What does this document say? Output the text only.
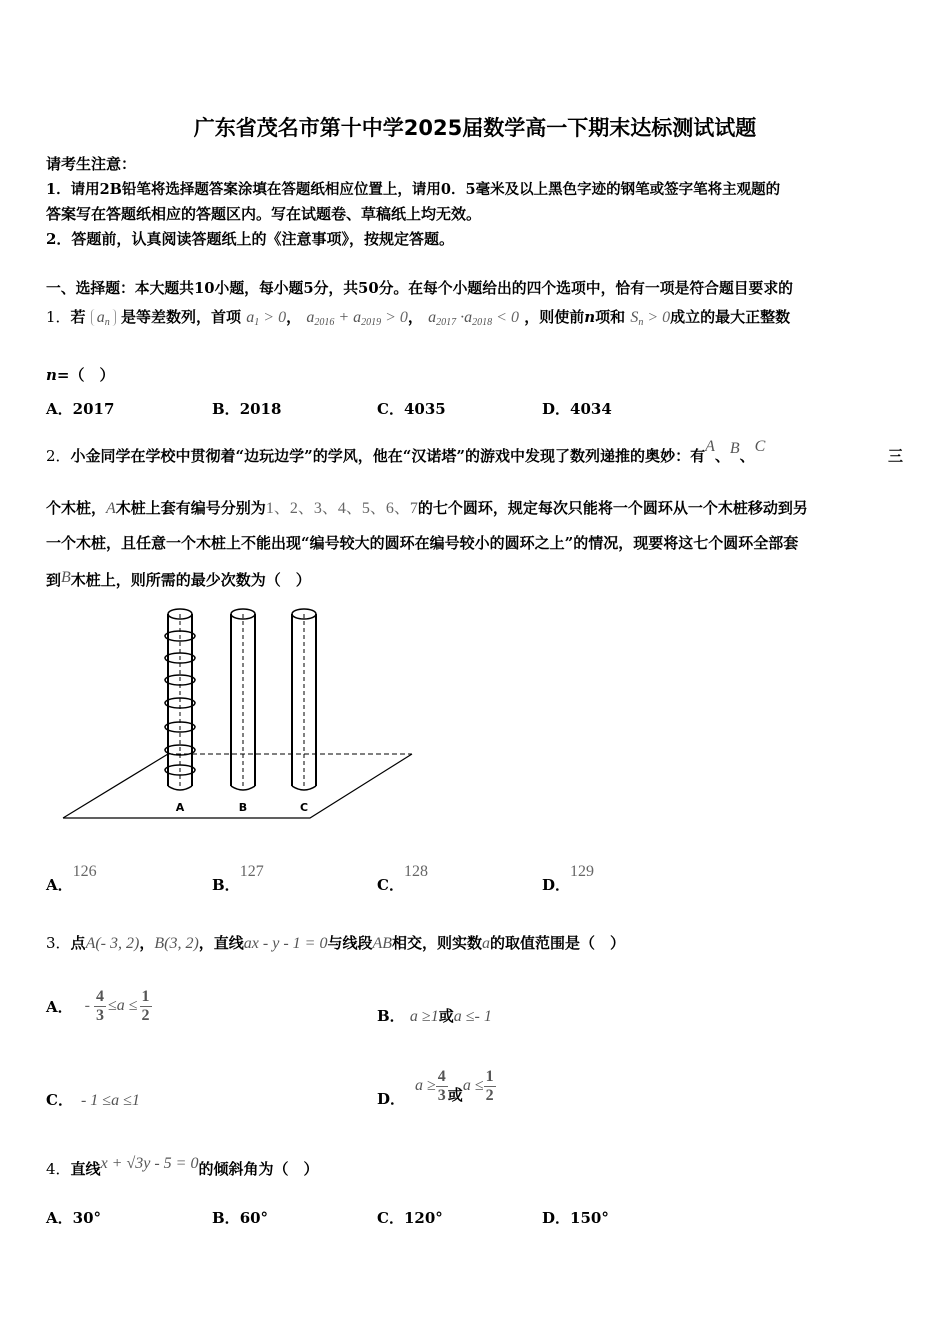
广东省茂名市第十中学2025届数学高一下期末达标测试试题
请考生注意：
1．请用2B铅笔将选择题答案涂填在答题纸相应位置上，请用0．5毫米及以上黑色字迹的钢笔或签字笔将主观题的
答案写在答题纸相应的答题区内。写在试题卷、草稿纸上均无效。
2．答题前，认真阅读答题纸上的《注意事项》，按规定答题。
一、选择题：本大题共10小题，每小题5分，共50分。在每个小题给出的四个选项中，恰有一项是符合题目要求的
1．若 $a_n$ 是等差数列，首项 $a_1 > 0$， $a_{2016} + a_{2019} > 0$， $a_{2017} \cdot a_{2018} < 0$ ，则使前n项和 $S_n > 0$成立的最大正整数
n=（　）
A．2017	B．2018	C．4035	D．4034
2．小金同学在学校中贯彻着“边玩边学”的学风，他在“汉诺塔”的游戏中发现了数列递推的奥妙：有A、B、C
三
个木桩，A木桩上套有编号分别为1、2、3、4、5、6、7的七个圆环，规定每次只能将一个圆环从一个木桩移动到另
一个木桩，且任意一个木桩上不能出现“编号较大的圆环在编号较小的圆环之上”的情况，现要将这七个圆环全部套
到B木桩上，则所需的最少次数为（　）
A	B	C
A．126
B．127
C．128
D．129
3．点A(- 3, 2)，B(3, 2)，直线ax - y - 1 = 0与线段AB相交，则实数a的取值范围是（　）
A． - $\frac{4}{3} \le a \le \frac{1}{2}$	B． a ≥1或a ≤- 1
C． - 1 ≤a ≤1	D．
$a \ge \frac{4}{3}$ 或 $a \le \frac{1}{2}$
4．直线x + √3y - 5 = 0的倾斜角为（　）
A．30°	B．60°	C．120°	D．150°
